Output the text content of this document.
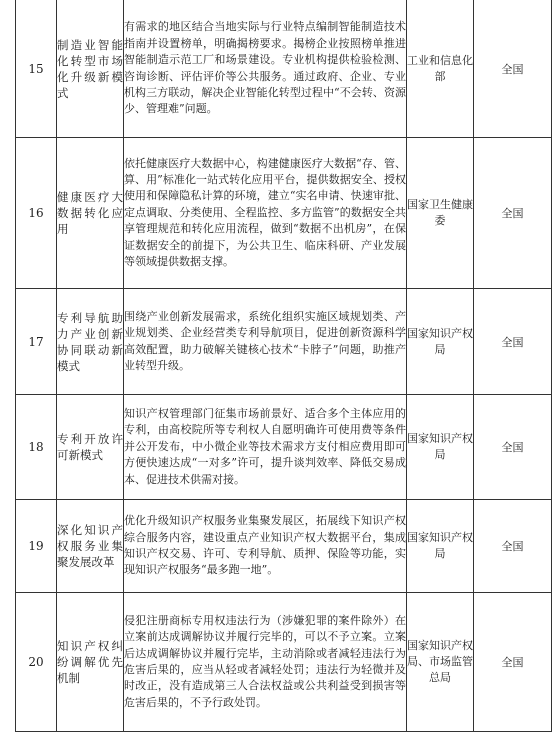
15	制造业智能化转型市场化升级新模式	有需求的地区结合当地实际与行业特点编制智能制造技术指南并设置榜单，明确揭榜要求。揭榜企业按照榜单推进智能制造示范工厂和场景建设。专业机构提供检验检测、咨询诊断、评估评价等公共服务。通过政府、企业、专业机构三方联动，解决企业智能化转型过程中“不会转、资源少、管理难”问题。	工业和信息化部	全国
16	健康医疗大数据转化应用	依托健康医疗大数据中心，构建健康医疗大数据“存、管、算、用”标准化一站式转化应用平台，提供数据安全、授权使用和保障隐私计算的环境，建立“实名申请、快速审批、定点调取、分类使用、全程监控、多方监管”的数据安全共享管理规范和转化应用流程，做到“数据不出机房”，在保证数据安全的前提下，为公共卫生、临床科研、产业发展等领域提供数据支撑。	国家卫生健康委	全国
17	专利导航助力产业创新协同联动新模式	围绕产业创新发展需求，系统化组织实施区域规划类、产业规划类、企业经营类专利导航项目，促进创新资源科学高效配置，助力破解关键核心技术“卡脖子”问题，助推产业转型升级。	国家知识产权局	全国
18	专利开放许可新模式	知识产权管理部门征集市场前景好、适合多个主体应用的专利，由高校院所等专利权人自愿明确许可使用费等条件并公开发布，中小微企业等技术需求方支付相应费用即可方便快速达成“一对多”许可，提升谈判效率、降低交易成本、促进技术供需对接。	国家知识产权局	全国
19	深化知识产权服务业集聚发展改革	优化升级知识产权服务业集聚发展区，拓展线下知识产权综合服务内容，建设重点产业知识产权大数据平台，集成知识产权交易、许可、专利导航、质押、保险等功能，实现知识产权服务“最多跑一地”。	国家知识产权局	全国
20	知识产权纠纷调解优先机制	侵犯注册商标专用权违法行为（涉嫌犯罪的案件除外）在立案前达成调解协议并履行完毕的，可以不予立案。立案后达成调解协议并履行完毕，主动消除或者减轻违法行为危害后果的，应当从轻或者减轻处罚；违法行为轻微并及时改正，没有造成第三人合法权益或公共利益受到损害等危害后果的，不予行政处罚。	国家知识产权局、市场监管总局	全国
